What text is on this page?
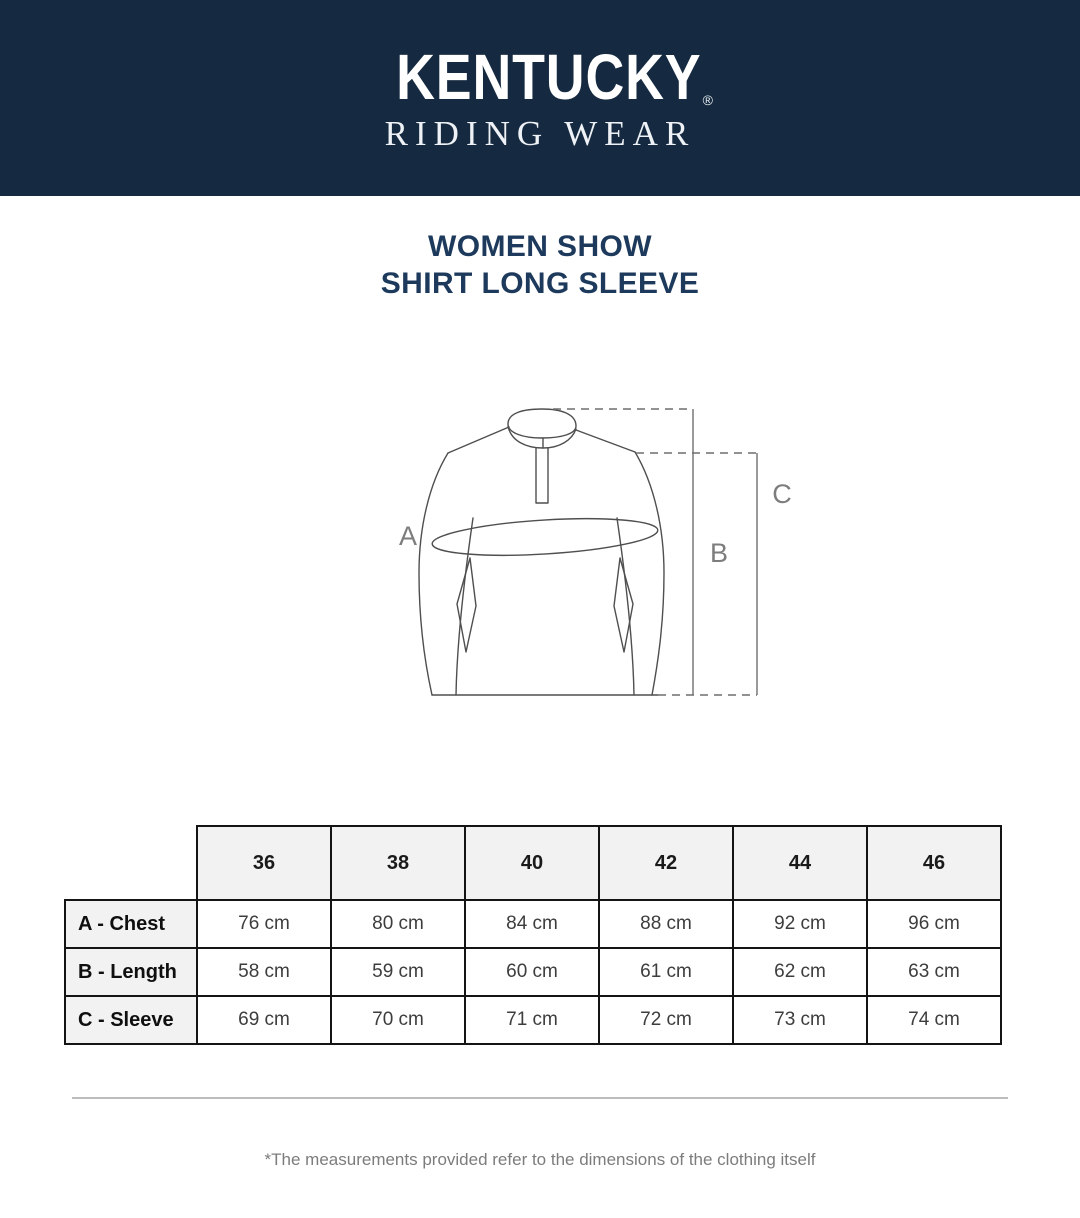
KENTUCKY ®
RIDING WEAR
WOMEN SHOW
SHIRT LONG SLEEVE
A
B
C
	36	38	40	42	44	46
A - Chest	76 cm	80 cm	84 cm	88 cm	92 cm	96 cm
B - Length	58 cm	59 cm	60 cm	61 cm	62 cm	63 cm
C - Sleeve	69 cm	70 cm	71 cm	72 cm	73 cm	74 cm
*The measurements provided refer to the dimensions of the clothing itself
